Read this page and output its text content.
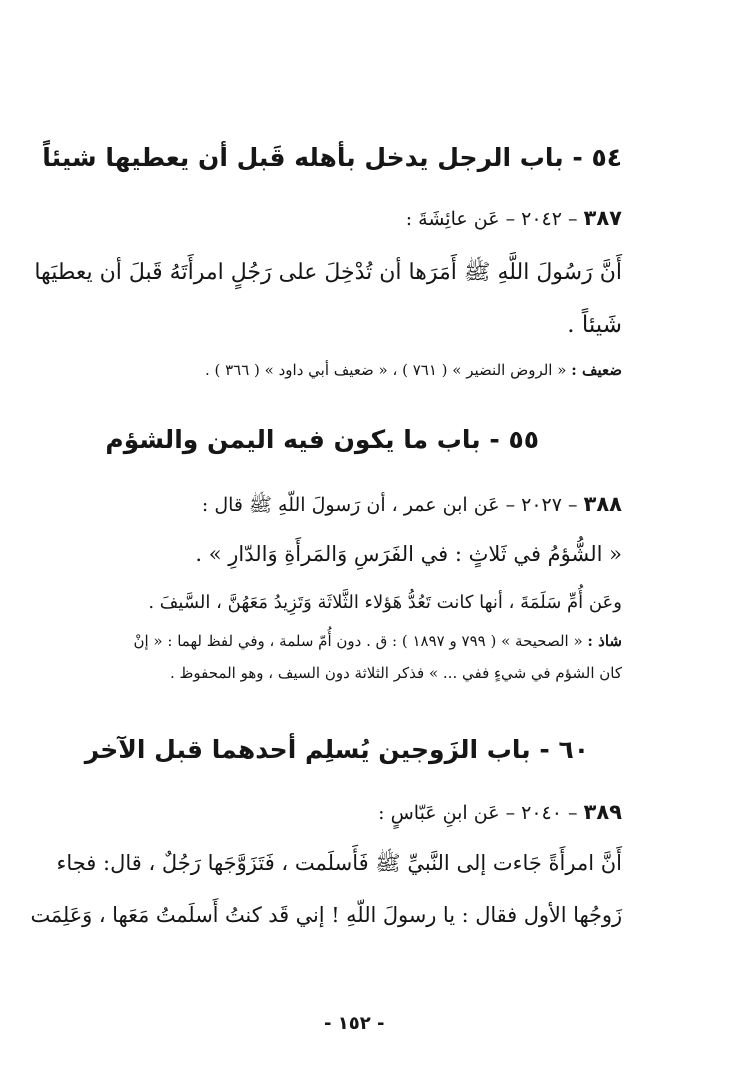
٥٤ - باب الرجل يدخل بأهله قَبل أن يعطيها شيئاً
٣٨٧ – ٢٠٤٢ – عَن عائِشَةَ :
أَنَّ رَسُولَ اللَّهِ ﷺ أَمَرَها أن تُدْخِلَ على رَجُلٍ امرأَتَهُ قَبلَ أن يعطيَها
شَيئاً .
ضعيف : « الروض النضير » ( ٧٦١ ) ، « ضعيف أبي داود » ( ٣٦٦ ) .
٥٥ - باب ما يكون فيه اليمن والشؤم
٣٨٨ – ٢٠٢٧ – عَن ابن عمر ، أن رَسولَ اللّهِ ﷺ قال :
« الشُّؤمُ في ثَلاثٍ : في الفَرَسِ وَالمَرأَةِ وَالدّارِ » .
وعَن أُمِّ سَلَمَةَ ، أنها كانت تَعُدُّ هَؤلاء الثَّلاثَة وَتَزِيدُ مَعَهُنَّ ، السَّيفَ .
شاذ : « الصحيحة » ( ٧٩٩ و ١٨٩٧ ) : ق . دون أُمّ سلمة ، وفي لفظ لهما : « إنْ
كان الشؤم في شيءٍ ففي ... » فذكر الثلاثة دون السيف ، وهو المحفوظ .
٦٠ - باب الزَوجين يُسلِم أحدهما قبل الآخر
٣٨٩ – ٢٠٤٠ – عَن ابنِ عَبّاسٍ :
أَنَّ امرأَةً جَاءت إلى النَّبيِّ ﷺ فَأَسلَمت ، فَتَزَوَّجَها رَجُلٌ ، قال: فجاء
زَوجُها الأول فقال : يا رسولَ اللّهِ ! إني قَد كنتُ أَسلَمتُ مَعَها ، وَعَلِمَت
- ١٥٢ -
